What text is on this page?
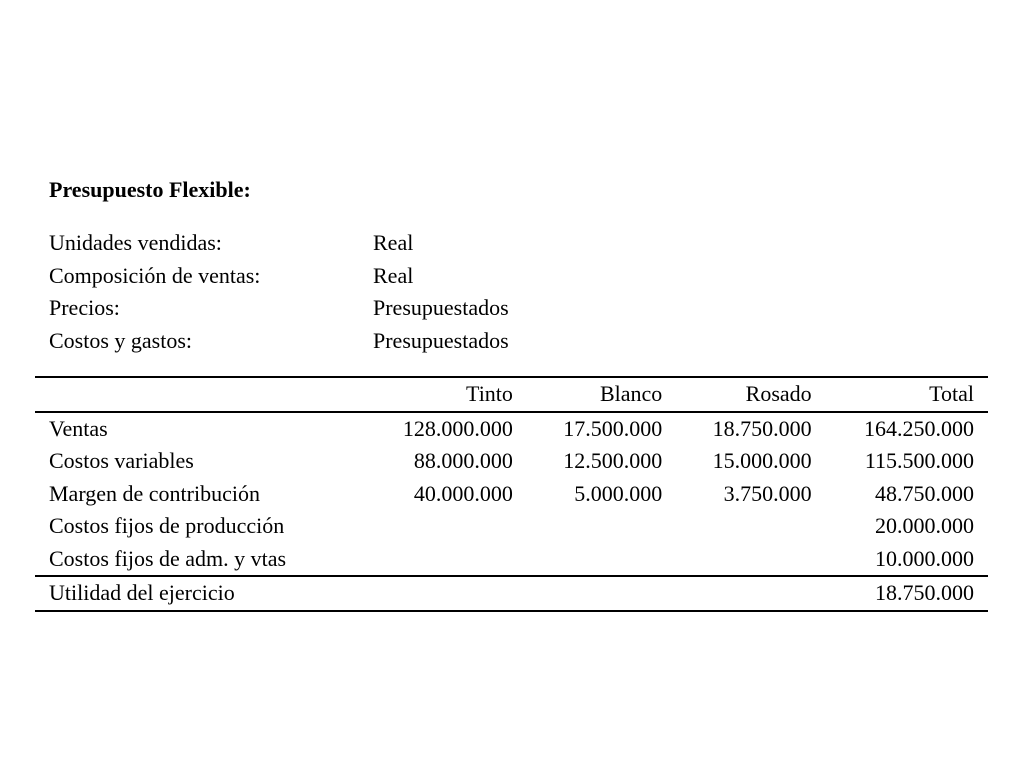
Presupuesto Flexible:
Unidades vendidas:	Real
Composición de ventas:	Real
Precios:	Presupuestados
Costos y gastos:	Presupuestados
	Tinto	Blanco	Rosado	Total
Ventas	128.000.000	17.500.000	18.750.000	164.250.000
Costos variables	88.000.000	12.500.000	15.000.000	115.500.000
Margen de contribución	40.000.000	5.000.000	3.750.000	48.750.000
Costos fijos de producción				20.000.000
Costos fijos de adm. y vtas				10.000.000
Utilidad del ejercicio				18.750.000
